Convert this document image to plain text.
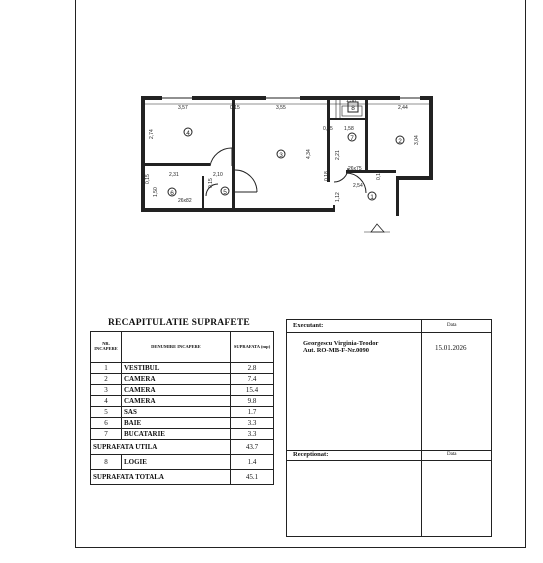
3,57	0,15	3,55
1,58
2,44
2,74
0,15 1,58
4,34
3,04
2,31	2,10
2,21
2,54
1,50
0,15
1,12
0,18
0,15
0,18
4
3
2
8
7
6	5
1
26x82
26x75
RECAPITULATIE SUPRAFETE
NR. INCAPERE	DENUMIRE INCAPERE	SUPRAFATA (mp)
1	VESTIBUL	2.8
2	CAMERA	7.4
3	CAMERA	15.4
4	CAMERA	9.8
5	SAS	1.7
6	BAIE	3.3
7	BUCATARIE	3.3
SUPRAFATA UTILA		43.7
8	LOGIE	1.4
SUPRAFATA TOTALA		45.1
Executant:	Data
Georgescu Virginia-Teodor
Aut. RO-MB-F-Nr.0090	15.01.2026
Receptionat:	Data
